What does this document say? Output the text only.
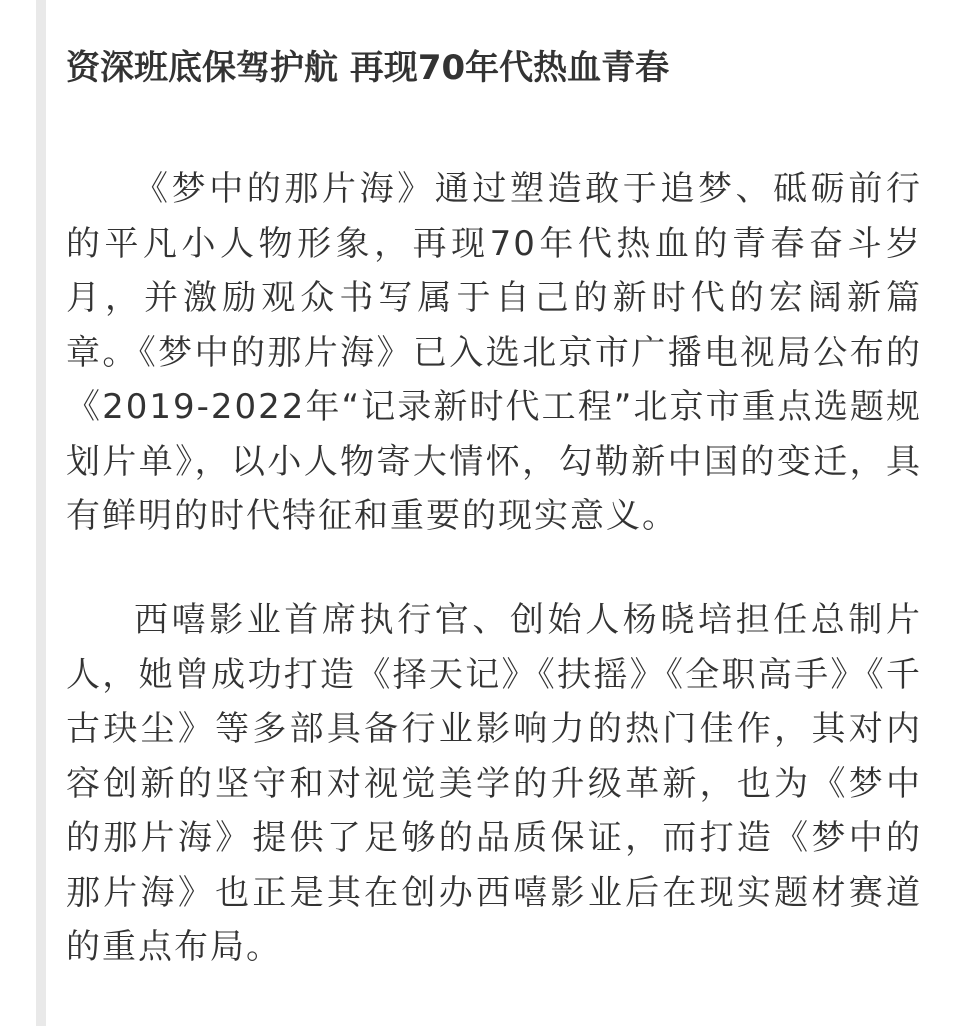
资深班底保驾护航 再现70年代热血青春

《梦中的那片海》通过塑造敢于追梦、砥砺前行的平凡小人物形象，再现70年代热血的青春奋斗岁月，并激励观众书写属于自己的新时代的宏阔新篇章。《梦中的那片海》已入选北京市广播电视局公布的《2019-2022年“记录新时代工程”北京市重点选题规划片单》，以小人物寄大情怀，勾勒新中国的变迁，具有鲜明的时代特征和重要的现实意义。

西嘻影业首席执行官、创始人杨晓培担任总制片人，她曾成功打造《择天记》《扶摇》《全职高手》《千古玦尘》等多部具备行业影响力的热门佳作，其对内容创新的坚守和对视觉美学的升级革新，也为《梦中的那片海》提供了足够的品质保证，而打造《梦中的那片海》也正是其在创办西嘻影业后在现实题材赛道的重点布局。
